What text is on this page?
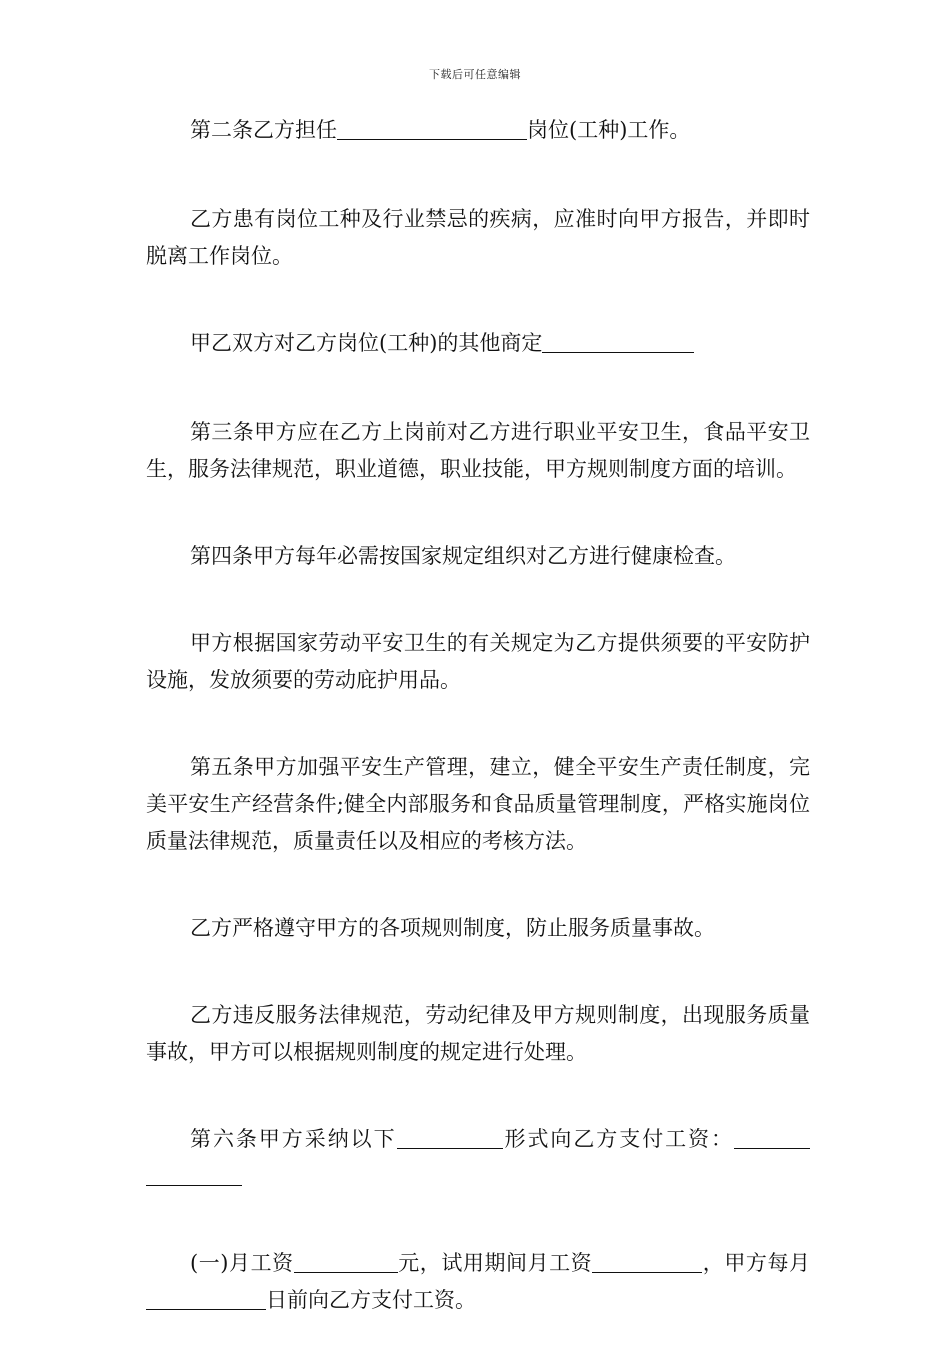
下载后可任意编辑

第二条乙方担任	岗位(工种)工作。

乙方患有岗位工种及行业禁忌的疾病，应准时向甲方报告，并即时脱离工作岗位。

甲乙双方对乙方岗位(工种)的其他商定

第三条甲方应在乙方上岗前对乙方进行职业平安卫生，食品平安卫生，服务法律规范，职业道德，职业技能，甲方规则制度方面的培训。

第四条甲方每年必需按国家规定组织对乙方进行健康检查。

甲方根据国家劳动平安卫生的有关规定为乙方提供须要的平安防护设施，发放须要的劳动庇护用品。

第五条甲方加强平安生产管理，建立，健全平安生产责任制度，完美平安生产经营条件;健全内部服务和食品质量管理制度，严格实施岗位质量法律规范，质量责任以及相应的考核方法。

乙方严格遵守甲方的各项规则制度，防止服务质量事故。

乙方违反服务法律规范，劳动纪律及甲方规则制度，出现服务质量事故，甲方可以根据规则制度的规定进行处理。

第六条甲方采纳以下	形式向乙方支付工资：

(一)月工资	元，试用期间月工资	，甲方每月日前向乙方支付工资。
